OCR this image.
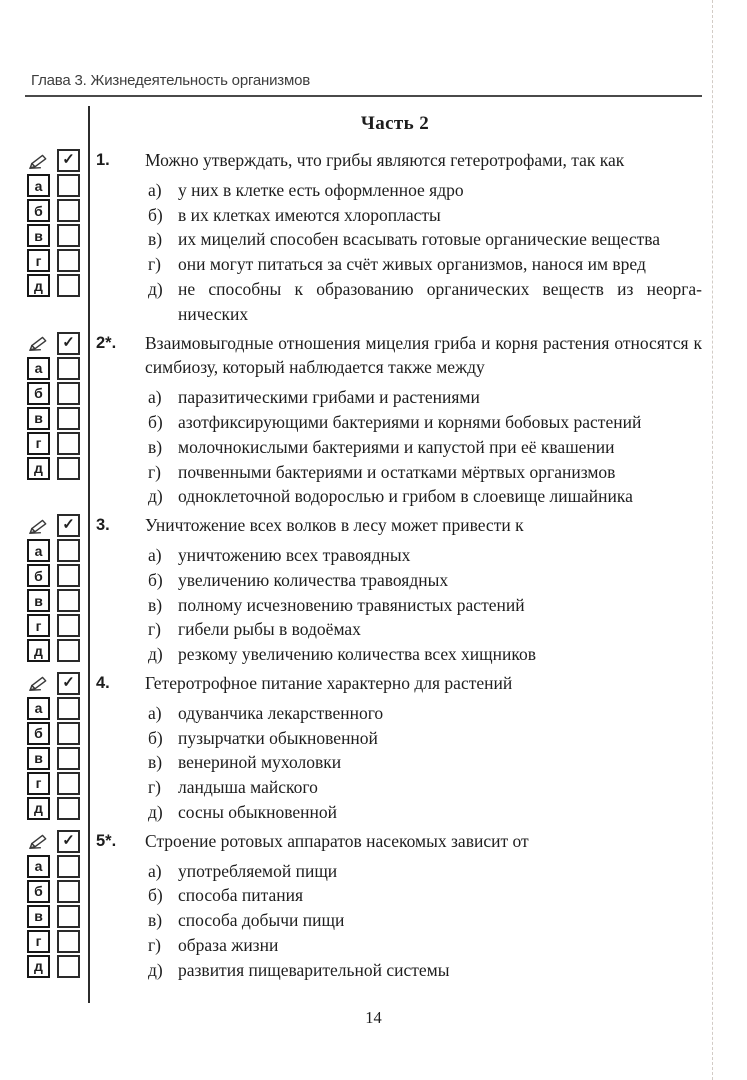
Глава 3. Жизнедеятельность организмов
Часть 2
✓
а
б
в
г
д
1.	Можно утверждать, что грибы являются гетеротрофами, так как

а) у них в клетке есть оформленное ядро
б) в их клетках имеются хлоропласты
в) их мицелий способен всасывать готовые органические вещества
г) они могут питаться за счёт живых организмов, нанося им вред
д) не способны к образованию органических веществ из неорганических
✓
а
б
в
г
д
2*.	Взаимовыгодные отношения мицелия гриба и корня растения относятся к симбиозу, который наблюдается также между

а) паразитическими грибами и растениями
б) азотфиксирующими бактериями и корнями бобовых растений
в) молочнокислыми бактериями и капустой при её квашении
г) почвенными бактериями и остатками мёртвых организмов
д) одноклеточной водорослью и грибом в слоевище лишайника
✓
а
б
в
г
д
3.	Уничтожение всех волков в лесу может привести к

а) уничтожению всех травоядных
б) увеличению количества травоядных
в) полному исчезновению травянистых растений
г) гибели рыбы в водоёмах
д) резкому увеличению количества всех хищников
✓
а
б
в
г
д
4.	Гетеротрофное питание характерно для растений

а) одуванчика лекарственного
б) пузырчатки обыкновенной
в) венериной мухоловки
г) ландыша майского
д) сосны обыкновенной
✓
а
б
в
г
д
5*.	Строение ротовых аппаратов насекомых зависит от

а) употребляемой пищи
б) способа питания
в) способа добычи пищи
г) образа жизни
д) развития пищеварительной системы
14
